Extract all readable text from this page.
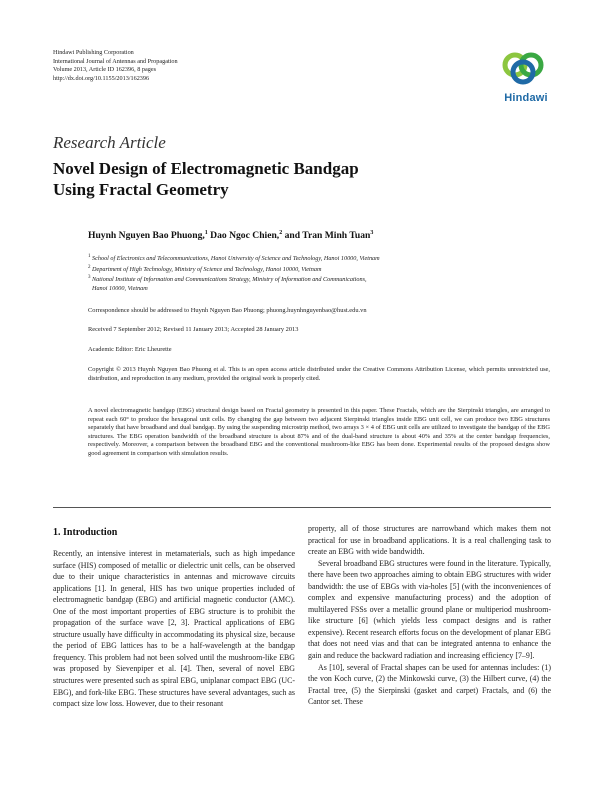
Hindawi Publishing Corporation
International Journal of Antennas and Propagation
Volume 2013, Article ID 162396, 8 pages
http://dx.doi.org/10.1155/2013/162396
Hindawi
Research Article
Novel Design of Electromagnetic Bandgap
Using Fractal Geometry
Huynh Nguyen Bao Phuong,$^1$ Dao Ngoc Chien,$^2$ and Tran Minh Tuan$^3$
$^1$ School of Electronics and Telecommunications, Hanoi University of Science and Technology, Hanoi 10000, Vietnam
$^2$ Department of High Technology, Ministry of Science and Technology, Hanoi 10000, Vietnam
$^3$ National Institute of Information and Communications Strategy, Ministry of Information and Communications,
Hanoi 10000, Vietnam
Correspondence should be addressed to Huynh Nguyen Bao Phuong; phuong.huynhnguyenbao@hust.edu.vn
Received 7 September 2012; Revised 11 January 2013; Accepted 28 January 2013
Academic Editor: Eric Lheurette
Copyright © 2013 Huynh Nguyen Bao Phuong et al. This is an open access article distributed under the Creative Commons Attribution License, which permits unrestricted use, distribution, and reproduction in any medium, provided the original work is properly cited.
A novel electromagnetic bandgap (EBG) structural design based on Fractal geometry is presented in this paper. These Fractals, which are the Sierpinski triangles, are arranged to repeat each 60° to produce the hexagonal unit cells. By changing the gap between two adjacent Sierpinski triangles inside EBG unit cell, we can produce two EBG structures separately that have broadband and dual bandgap. By using the suspending microstrip method, two arrays 3 × 4 of EBG unit cells are utilized to investigate the bandgap of the EBG structures. The EBG operation bandwidth of the broadband structure is about 87% and of the dual-band structure is about 40% and 35% at the center bandgap frequencies, respectively. Moreover, a comparison between the broadband EBG and the conventional mushroom-like EBG has been done. Experimental results of the proposed designs show good agreement in comparison with simulation results.
1. Introduction

Recently, an intensive interest in metamaterials, such as high impedance surface (HIS) composed of metallic or dielectric unit cells, can be observed due to their unique characteristics in antennas and microwave circuits applications [1]. In general, HIS has two unique properties included of electromagnetic bandgap (EBG) and artificial magnetic conductor (AMC). One of the most important properties of EBG structure is to prohibit the propagation of the surface wave [2, 3]. Practical applications of EBG structure usually have difficulty in accommodating its physical size, because the period of EBG lattices has to be a half-wavelength at the bandgap frequency. This problem had not been solved until the mushroom-like EBG was proposed by Sievenpiper et al. [4]. Then, several of novel EBG structures were presented such as spiral EBG, uniplanar compact EBG (UC-EBG), and fork-like EBG. These structures have several advantages, such as compact size low loss. However, due to their resonant

property, all of those structures are narrowband which makes them not practical for use in broadband applications. It is a real challenging task to create an EBG with wide bandwidth.

Several broadband EBG structures were found in the literature. Typically, there have been two approaches aiming to obtain EBG structures with wider bandwidth: the use of EBGs with via-holes [5] (with the inconveniences of complex and expensive manufacturing process) and the adoption of multilayered FSSs over a metallic ground plane or multiperiod mushroom-like structure [6] (which yields less compact designs and is rather expensive). Recent research efforts focus on the development of planar EBG that does not need vias and that can be integrated antenna to enhance the gain and reduce the backward radiation and increasing efficiency [7–9].

As [10], several of Fractal shapes can be used for antennas includes: (1) the von Koch curve, (2) the Minkowski curve, (3) the Hilbert curve, (4) the Fractal tree, (5) the Sierpinski (gasket and carpet) Fractals, and (6) the Cantor set. These
